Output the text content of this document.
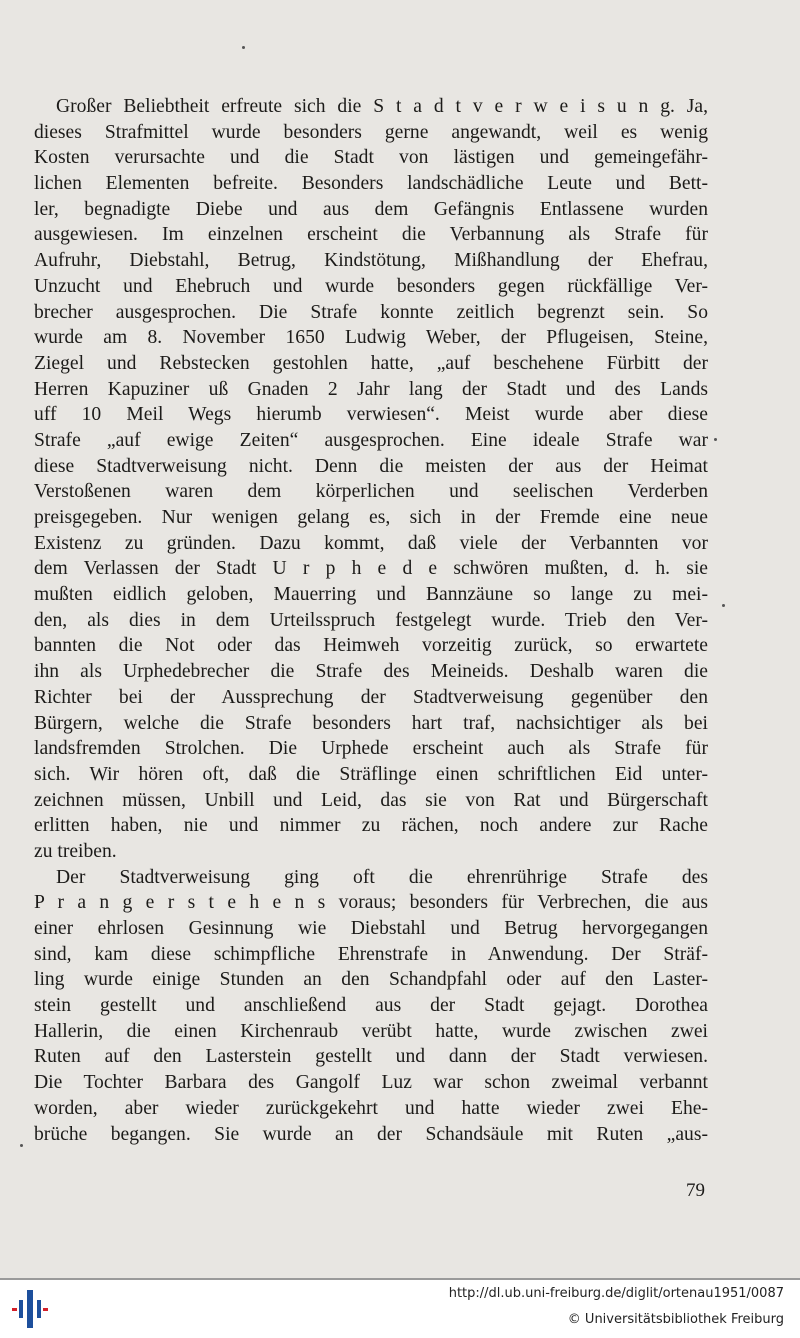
Großer Beliebtheit erfreute sich die S t a d t v e r w e i s u n g. Ja,
dieses Strafmittel wurde besonders gerne angewandt, weil es wenig
Kosten verursachte und die Stadt von lästigen und gemeingefähr-
lichen Elementen befreite. Besonders landschädliche Leute und Bett-
ler, begnadigte Diebe und aus dem Gefängnis Entlassene wurden
ausgewiesen. Im einzelnen erscheint die Verbannung als Strafe für
Aufruhr, Diebstahl, Betrug, Kindstötung, Mißhandlung der Ehefrau,
Unzucht und Ehebruch und wurde besonders gegen rückfällige Ver-
brecher ausgesprochen. Die Strafe konnte zeitlich begrenzt sein. So
wurde am 8. November 1650 Ludwig Weber, der Pflugeisen, Steine,
Ziegel und Rebstecken gestohlen hatte, „auf beschehene Fürbitt der
Herren Kapuziner uß Gnaden 2 Jahr lang der Stadt und des Lands
uff 10 Meil Wegs hierumb verwiesen“. Meist wurde aber diese
Strafe „auf ewige Zeiten“ ausgesprochen. Eine ideale Strafe war
diese Stadtverweisung nicht. Denn die meisten der aus der Heimat
Verstoßenen waren dem körperlichen und seelischen Verderben
preisgegeben. Nur wenigen gelang es, sich in der Fremde eine neue
Existenz zu gründen. Dazu kommt, daß viele der Verbannten vor
dem Verlassen der Stadt U r p h e d e schwören mußten, d. h. sie
mußten eidlich geloben, Mauerring und Bannzäune so lange zu mei-
den, als dies in dem Urteilsspruch festgelegt wurde. Trieb den Ver-
bannten die Not oder das Heimweh vorzeitig zurück, so erwartete
ihn als Urphedebrecher die Strafe des Meineids. Deshalb waren die
Richter bei der Aussprechung der Stadtverweisung gegenüber den
Bürgern, welche die Strafe besonders hart traf, nachsichtiger als bei
landsfremden Strolchen. Die Urphede erscheint auch als Strafe für
sich. Wir hören oft, daß die Sträflinge einen schriftlichen Eid unter-
zeichnen müssen, Unbill und Leid, das sie von Rat und Bürgerschaft
erlitten haben, nie und nimmer zu rächen, noch andere zur Rache
zu treiben.
Der Stadtverweisung ging oft die ehrenrührige Strafe des
P r a n g e r s t e h e n s voraus; besonders für Verbrechen, die aus
einer ehrlosen Gesinnung wie Diebstahl und Betrug hervorgegangen
sind, kam diese schimpfliche Ehrenstrafe in Anwendung. Der Sträf-
ling wurde einige Stunden an den Schandpfahl oder auf den Laster-
stein gestellt und anschließend aus der Stadt gejagt. Dorothea
Hallerin, die einen Kirchenraub verübt hatte, wurde zwischen zwei
Ruten auf den Lasterstein gestellt und dann der Stadt verwiesen.
Die Tochter Barbara des Gangolf Luz war schon zweimal verbannt
worden, aber wieder zurückgekehrt und hatte wieder zwei Ehe-
brüche begangen. Sie wurde an der Schandsäule mit Ruten „aus-
79
http://dl.ub.uni-freiburg.de/diglit/ortenau1951/0087
© Universitätsbibliothek Freiburg
